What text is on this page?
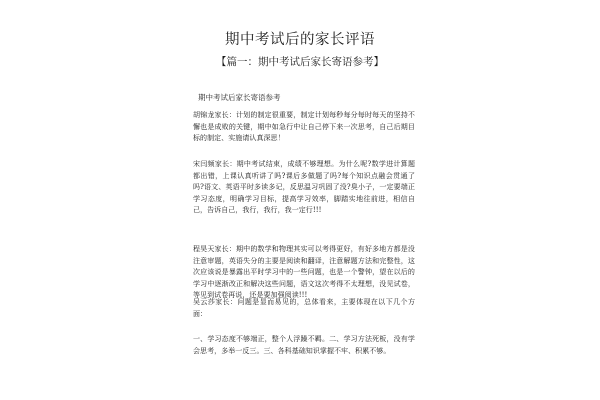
期中考试后的家长评语
【篇一：期中考试后家长寄语参考】
期中考试后家长寄语参考
胡锦龙家长：计划的制定很重要，制定计划每秒每分每时每天的坚持不懈也是成败的关键，期中如急行中让自己停下来一次思考，自己后期目标的制定、实施请认真深思！
宋闫频家长：期中考试结束，成绩不够理想。为什么呢?数学进计算题都出错，上课认真听讲了吗?课后多做题了吗?每个知识点融会贯通了吗?语文、英语平时多读多记，反思温习巩固了没?臭小子，一定要端正学习态度，明确学习目标，提高学习效率，脚踏实地往前进，相信自己，告诉自己，我行，我行，我一定行!!!
程昊天家长：期中的数学和物理其实可以考得更好，有好多地方都是没注意审题，英语失分的主要是阅读和翻译，注意解题方法和完整性，这次应该说是暴露出平时学习中的一些问题，也是一个警钟，望在以后的学习中逐渐改正和解决这些问题，语文这次考得不太理想，没见试卷，等见到试卷再说，还是要加强阅读!!!
吴云莎家长：问题是显而易见的，总体看来，主要体现在以下几个方面：
一、学习态度不够端正，整个人浮躁不羁。二、学习方法死板，没有学会思考，多举一反三。三、各科基础知识掌握不牢、积累不够。
